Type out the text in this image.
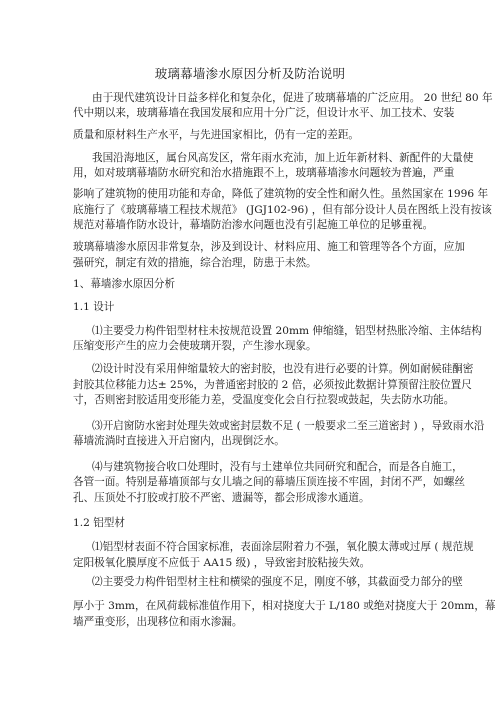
玻璃幕墙渗水原因分析及防治说明
由于现代建筑设计日益多样化和复杂化，促进了玻璃幕墙的广泛应用。 20 世纪 80 年
代中期以来，玻璃幕墙在我国发展和应用十分广泛，但设计水平、加工技术、安装
质量和原材料生产水平，与先进国家相比，仍有一定的差距。
我国沿海地区，属台风高发区，常年雨水充沛，加上近年新材料、新配件的大量使
用，如对玻璃幕墙防水研究和治水措施跟不上，玻璃幕墙渗水问题较为普遍，严重
影响了建筑物的使用功能和寿命，降低了建筑物的安全性和耐久性。虽然国家在 1996 年
底施行了《玻璃幕墙工程技术规范》 (JGJ102-96) ，但有部分设计人员在图纸上没有按该
规范对幕墙作防水设计，幕墙防治渗水问题也没有引起施工单位的足够重视。
玻璃幕墙渗水原因非常复杂，涉及到设计、材料应用、施工和管理等各个方面，应加
强研究，制定有效的措施，综合治理，防患于未然。
1、幕墙渗水原因分析
1.1 设计
⑴主要受力构件铝型材柱未按规范设置 20mm 伸缩缝，铝型材热胀冷缩、主体结构
压缩变形产生的应力会使玻璃开裂，产生渗水现象。
⑵设计时没有采用伸缩量较大的密封胶，也没有进行必要的计算。例如耐候硅酮密
封胶其位移能力达± 25%，为普通密封胶的 2 倍，必须按此数据计算预留注胶位置尺
寸，否则密封胶适用变形能力差，受温度变化会自行拉裂或鼓起，失去防水功能。
⑶开启窗防水密封处理失效或密封层数不足 ( 一般要求二至三道密封 ) ，导致雨水沿
幕墙流淌时直接进入开启窗内，出现倒泛水。
⑷与建筑物接合收口处理时，没有与土建单位共同研究和配合，而是各自施工，
各管一面。特别是幕墙顶部与女儿墙之间的幕墙压顶连接不牢固，封闭不严，如螺丝
孔、压顶处不打胶或打胶不严密、遗漏等，都会形成渗水通道。
1.2 铝型材
⑴铝型材表面不符合国家标准，表面涂层附着力不强，氧化膜太薄或过厚 ( 规范规
定阳极氧化膜厚度不应低于 AA15 级) ，导致密封胶粘接失效。
⑵主要受力构件铝型材主柱和横梁的强度不足，刚度不够，其截面受力部分的壁
厚小于 3mm，在风荷载标准值作用下，相对挠度大于 L/180 或绝对挠度大于 20mm，幕
墙严重变形，出现移位和雨水渗漏。
